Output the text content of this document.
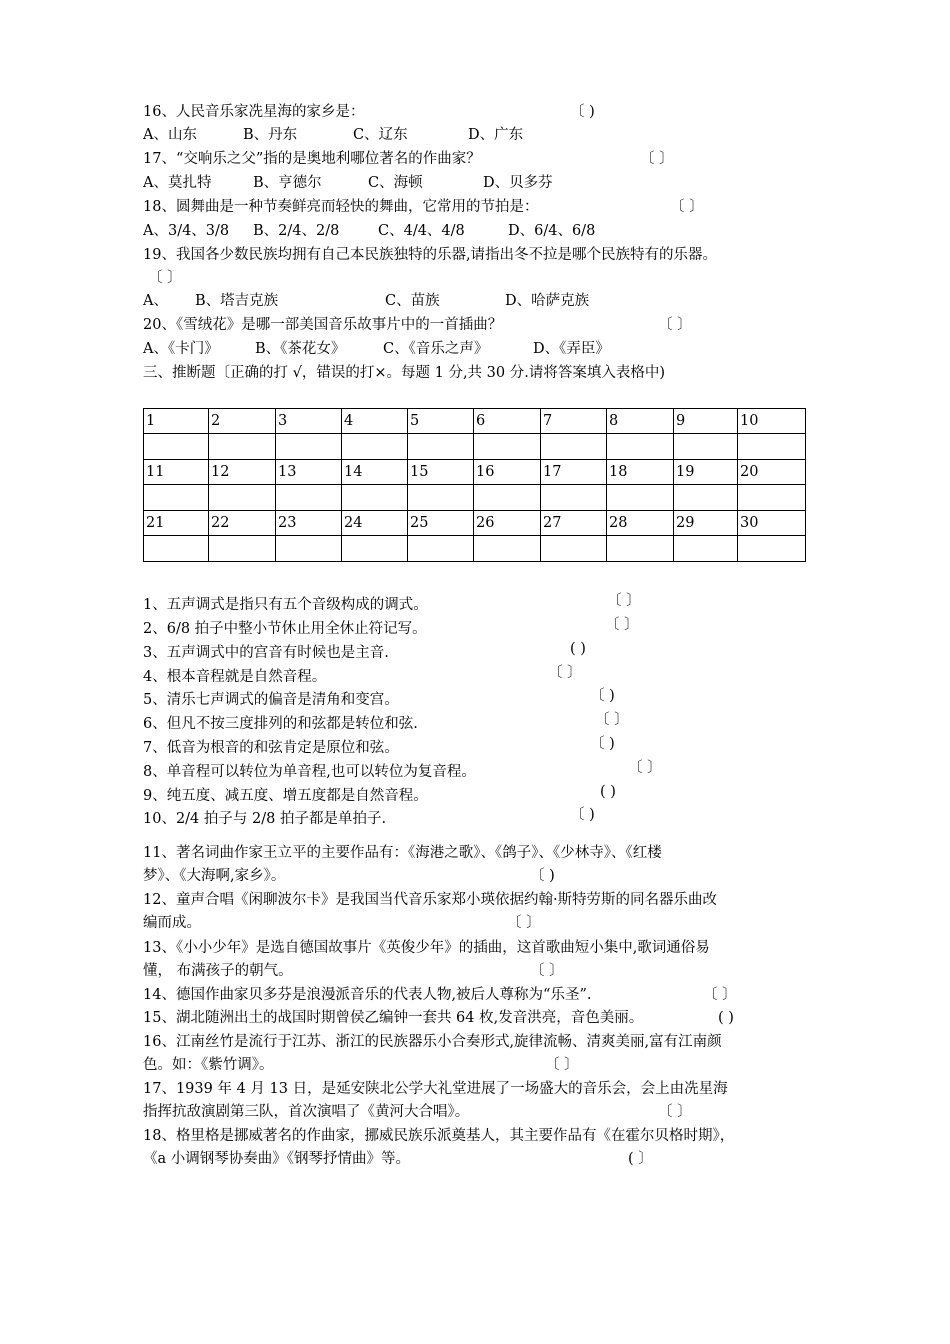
16、人民音乐家冼星海的家乡是：	〔 )
A、山东	B、丹东	C、辽东	D、广东
17、“交响乐之父”指的是奥地利哪位著名的作曲家？	〔 〕
A、莫扎特	B、亨德尔	C、海顿	D、贝多芬
18、圆舞曲是一种节奏鲜亮而轻快的舞曲，它常用的节拍是：	〔 〕
A、3/4、3/8 B、2/4、2/8	C、4/4、4/8	D、6/4、6/8
19、我国各少数民族均拥有自己本民族独特的乐器,请指出冬不拉是哪个民族特有的乐器。
〔 〕
A、 B、塔吉克族	C、苗族	D、哈萨克族
20、《雪绒花》是哪一部美国音乐故事片中的一首插曲？	〔 〕
A、《卡门》	B、《茶花女》	C、《音乐之声》	D、《弄臣》
三、推断题〔正确的打 √，错误的打×。每题 1 分,共 30 分.请将答案填入表格中)
1	2	3	4	5	6	7	8	9	10

11	12	13	14	15	16	17	18	19	20

21	22	23	24	25	26	27	28	29	30

1、五声调式是指只有五个音级构成的调式。	〔 〕
2、6/8 拍子中整小节休止用全休止符记写。	〔 〕
3、五声调式中的宫音有时候也是主音.	( )
4、根本音程就是自然音程。	〔 〕
5、清乐七声调式的偏音是清角和变宫。	〔 )
6、但凡不按三度排列的和弦都是转位和弦.	〔 〕
7、低音为根音的和弦肯定是原位和弦。	〔 )
8、单音程可以转位为单音程,也可以转位为复音程。	〔 〕
9、纯五度、减五度、增五度都是自然音程。	( )
10、2/4 拍子与 2/8 拍子都是单拍子.	〔 )
11、著名词曲作家王立平的主要作品有：《海港之歌》、《鸽子》、《少林寺》、《红楼
梦》、《大海啊,家乡》。	〔 )
12、童声合唱《闲聊波尔卡》是我国当代音乐家郑小瑛依据约翰·斯特劳斯的同名器乐曲改
编而成。	〔 〕
13、《小小少年》是选自德国故事片《英俊少年》的插曲，这首歌曲短小集中,歌词通俗易
懂， 布满孩子的朝气。	〔 〕
14、德国作曲家贝多芬是浪漫派音乐的代表人物,被后人尊称为“乐圣”.	〔 〕
15、湖北随洲出土的战国时期曾侯乙编钟一套共 64 枚,发音洪亮，音色美丽。	( )
16、江南丝竹是流行于江苏、浙江的民族器乐小合奏形式,旋律流畅、清爽美丽,富有江南颜
色。如：《紫竹调》。	〔 〕
17、1939 年 4 月 13 日，是延安陕北公学大礼堂进展了一场盛大的音乐会，会上由冼星海
指挥抗敌演剧第三队，首次演唱了《黄河大合唱》。	〔 〕
18、格里格是挪威著名的作曲家，挪威民族乐派奠基人，其主要作品有《在霍尔贝格时期》，
《a 小调钢琴协奏曲》《钢琴抒情曲》等。	( 〕
